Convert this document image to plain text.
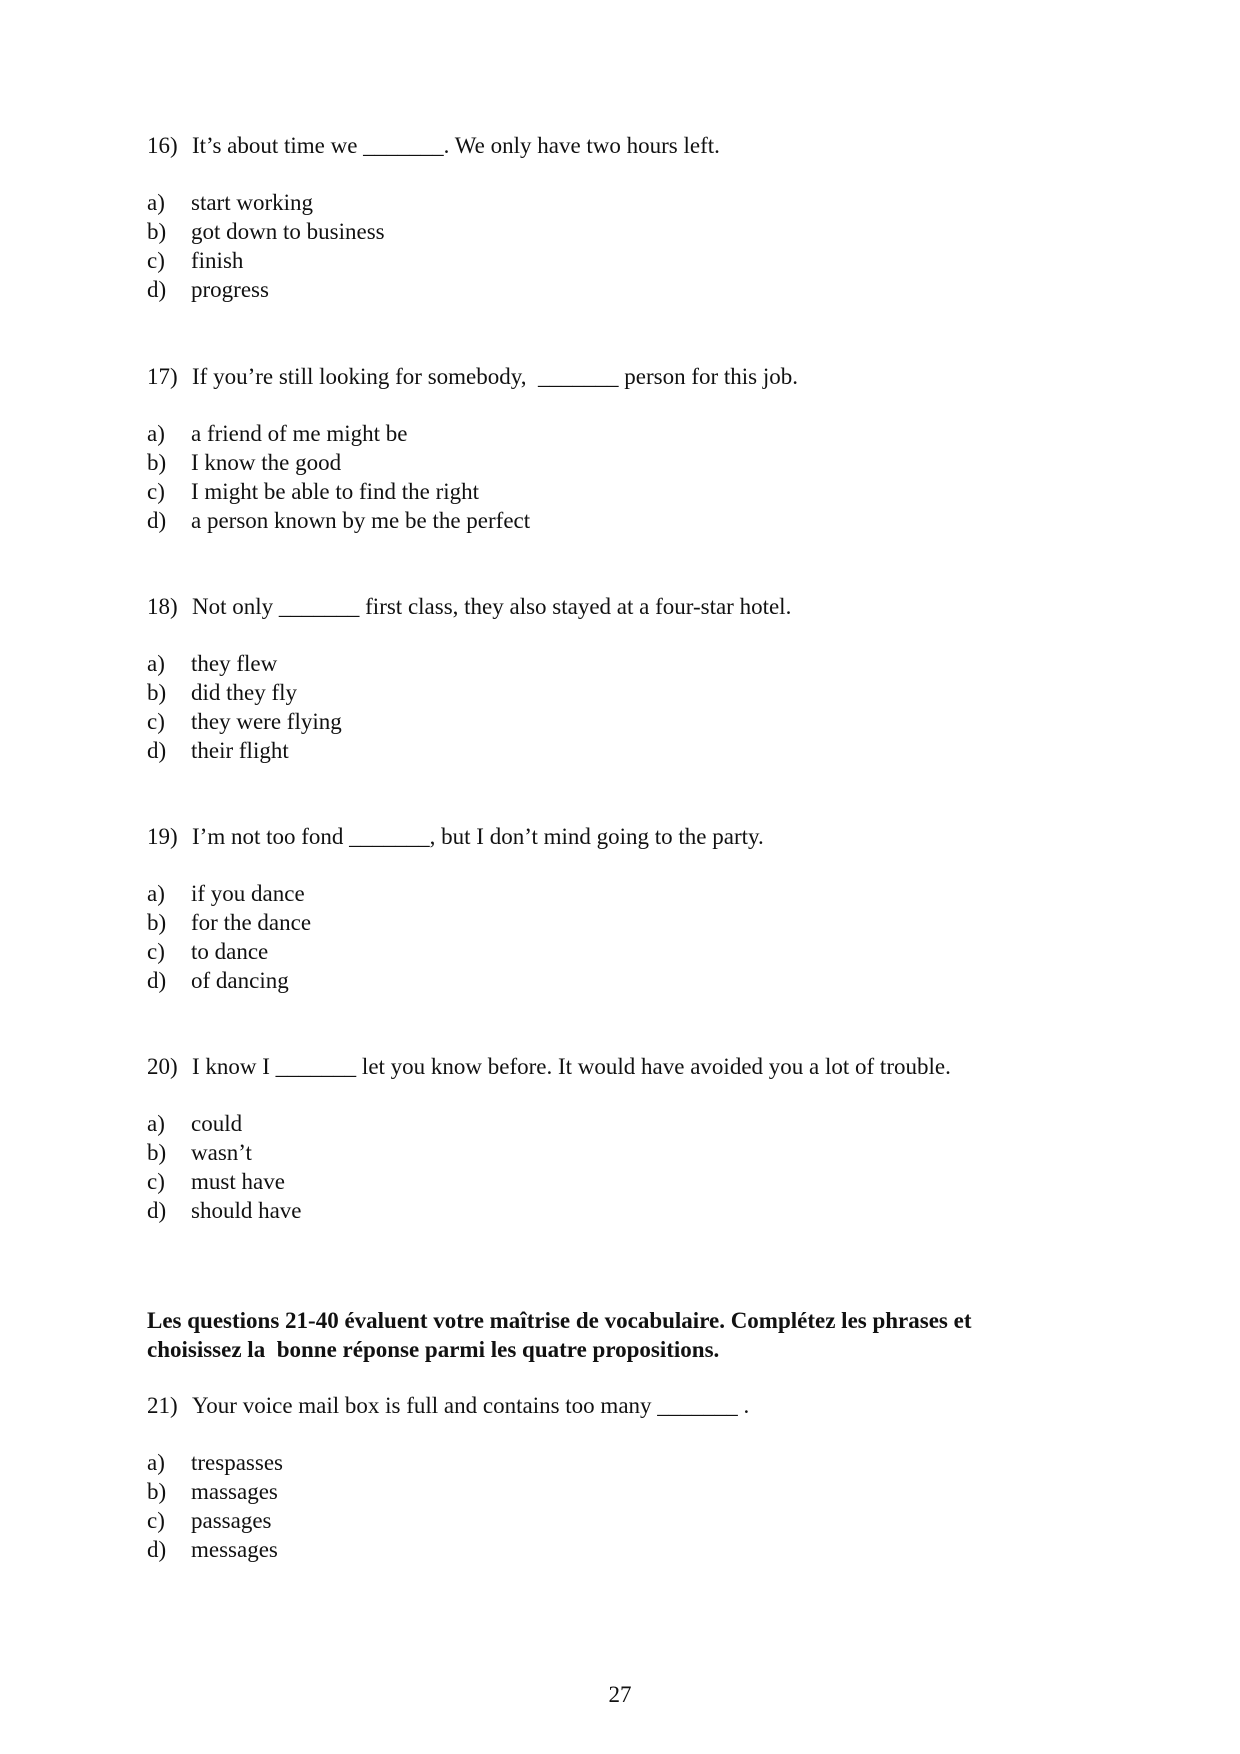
16) It’s about time we _______. We only have two hours left.
a)	start working
b)	got down to business
c)	finish
d)	progress
17) If you’re still looking for somebody,  _______ person for this job.
a)	a friend of me might be
b)	I know the good
c)	I might be able to find the right
d)	a person known by me be the perfect
18) Not only _______ first class, they also stayed at a four-star hotel.
a)	they flew
b)	did they fly
c)	they were flying
d)	their flight
19) I’m not too fond _______, but I don’t mind going to the party.
a)	if you dance
b)	for the dance
c)	to dance
d)	of dancing
20) I know I _______ let you know before. It would have avoided you a lot of trouble.
a)	could
b)	wasn’t
c)	must have
d)	should have
Les questions 21-40 évaluent votre maîtrise de vocabulaire. Complétez les phrases et
choisissez la  bonne réponse parmi les quatre propositions.
21) Your voice mail box is full and contains too many _______ .
a)	trespasses
b)	massages
c)	passages
d)	messages
27
